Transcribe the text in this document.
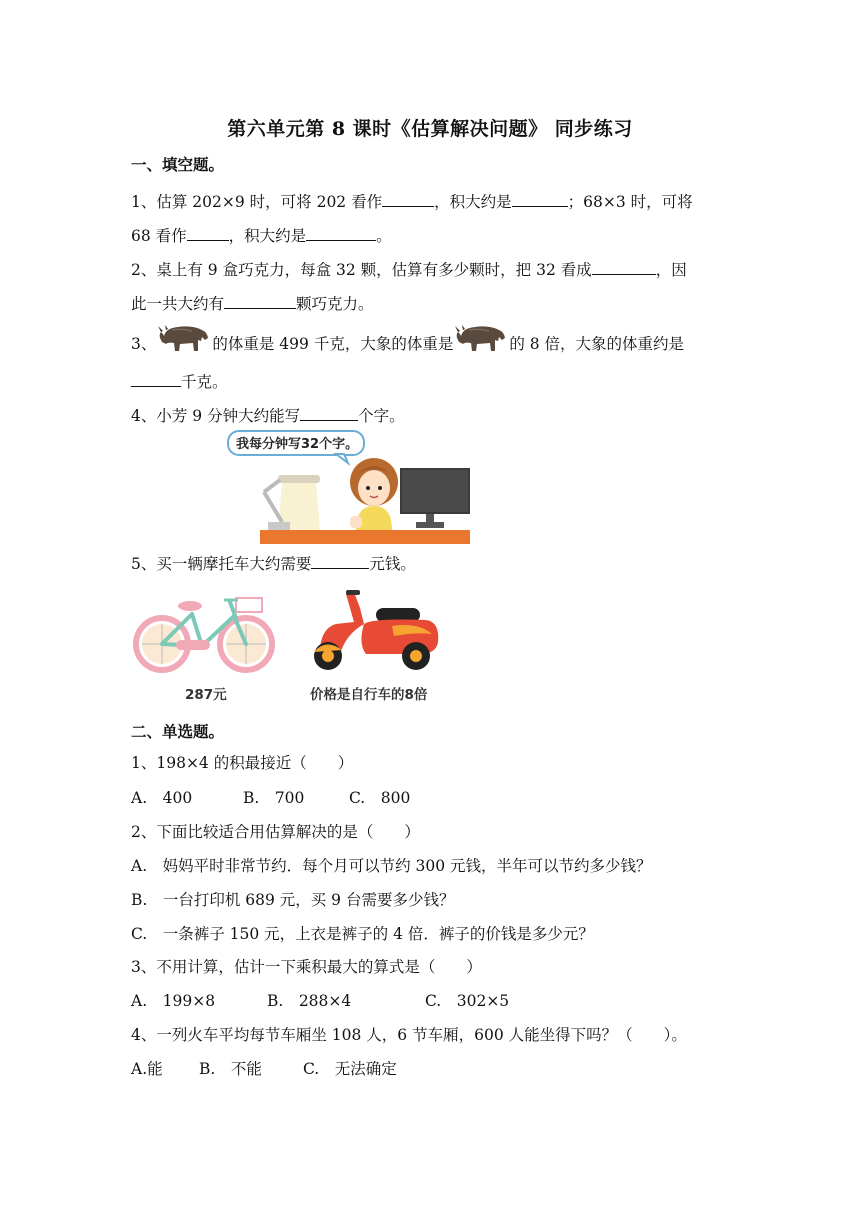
第六单元第 8 课时《估算解决问题》 同步练习
一、填空题。
1、估算 202×9 时，可将 202 看作	，积大约是	；68×3 时，可将
68 看作	，积大约是	。
2、桌上有 9 盒巧克力，每盒 32 颗，估算有多少颗时，把 32 看成	，因
此一共大约有	颗巧克力。
3、	的体重是 499 千克，大象的体重是	的 8 倍，大象的体重约是
千克。
4、小芳 9 分钟大约能写	个字。
我每分钟写32个字。
5、买一辆摩托车大约需要	元钱。
287元	价格是自行车的8倍
二、单选题。
1、198×4 的积最接近（　　）
A.　400	B.　700	C.　800
2、下面比较适合用估算解决的是（　　）
A.　妈妈平时非常节约．每个月可以节约 300 元钱，半年可以节约多少钱？
B.　一台打印机 689 元，买 9 台需要多少钱？
C.　一条裤子 150 元，上衣是裤子的 4 倍．裤子的价钱是多少元？
3、不用计算，估计一下乘积最大的算式是（　　）
A.　199×8	B.　288×4	C.　302×5
4、一列火车平均每节车厢坐 108 人，6 节车厢，600 人能坐得下吗？（　　）。
A.能 B.　不能	C.　无法确定
